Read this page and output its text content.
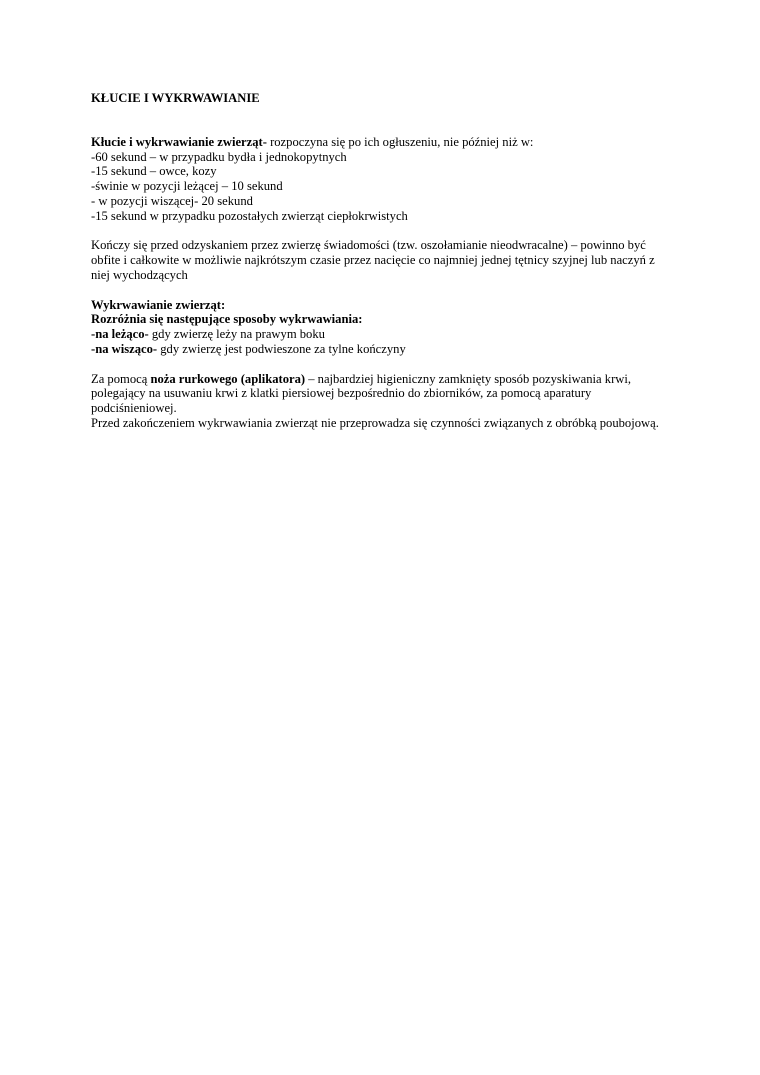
KŁUCIE I WYKRWAWIANIE

Kłucie i wykrwawianie zwierząt- rozpoczyna się po ich ogłuszeniu, nie później niż w:
-60 sekund – w przypadku bydła i jednokopytnych
-15 sekund – owce, kozy
-świnie w pozycji leżącej – 10 sekund
- w pozycji wiszącej- 20 sekund
-15 sekund w przypadku pozostałych zwierząt ciepłokrwistych
Kończy się przed odzyskaniem przez zwierzę świadomości (tzw. oszołamianie nieodwracalne) – powinno być
obfite i całkowite w możliwie najkrótszym czasie przez nacięcie co najmniej jednej tętnicy szyjnej lub naczyń z
niej wychodzących
Wykrwawianie zwierząt:
Rozróżnia się następujące sposoby wykrwawiania:
-na leżąco- gdy zwierzę leży na prawym boku
-na wisząco- gdy zwierzę jest podwieszone za tylne kończyny
Za pomocą noża rurkowego (aplikatora) – najbardziej higieniczny zamknięty sposób pozyskiwania krwi,
polegający na usuwaniu krwi z klatki piersiowej bezpośrednio do zbiorników, za pomocą aparatury
podciśnieniowej.
Przed zakończeniem wykrwawiania zwierząt nie przeprowadza się czynności związanych z obróbką poubojową.
